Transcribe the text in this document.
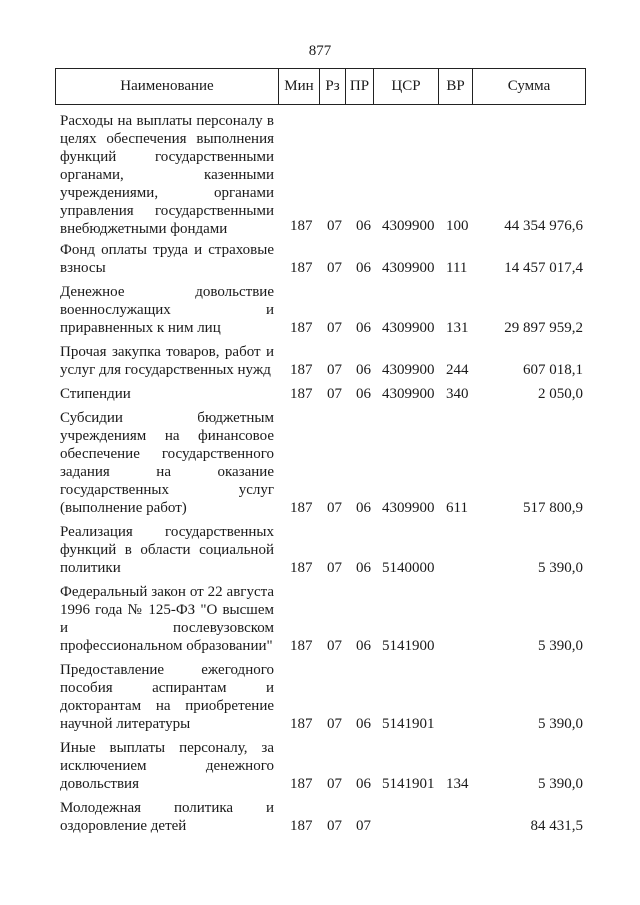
877
Наименование	Мин	Рз	ПР	ЦСР	ВР	Сумма
Расходы на выплаты персоналу в целях обеспечения выполнения функций государственными органами, казенными учреждениями, органами управления государственными внебюджетными фондами	187 07 06 4309900 100	44 354 976,6
Фонд оплаты труда и страховые взносы	187 07 06 4309900 111	14 457 017,4
Денежное довольствие военнослужащих и приравненных к ним лиц	187 07 06 4309900 131	29 897 959,2
Прочая закупка товаров, работ и услуг для государственных нужд 187 07 06 4309900 244	607 018,1
Стипендии	187 07 06 4309900 340	2 050,0
Субсидии бюджетным учреждениям на финансовое обеспечение государственного задания на оказание государственных услуг (выполнение работ)	187 07 06 4309900 611	517 800,9
Реализация государственных функций в области социальной политики	187 07 06 5140000	5 390,0
Федеральный закон от 22 августа 1996 года № 125-ФЗ "О высшем и послевузовском профессиональном образовании" 187 07 06 5141900	5 390,0
Предоставление ежегодного пособия аспирантам и докторантам на приобретение научной литературы	187 07 06 5141901	5 390,0
Иные выплаты персоналу, за исключением денежного довольствия	187 07 06 5141901 134	5 390,0
Молодежная политика и оздоровление детей	187 07 07	84 431,5
